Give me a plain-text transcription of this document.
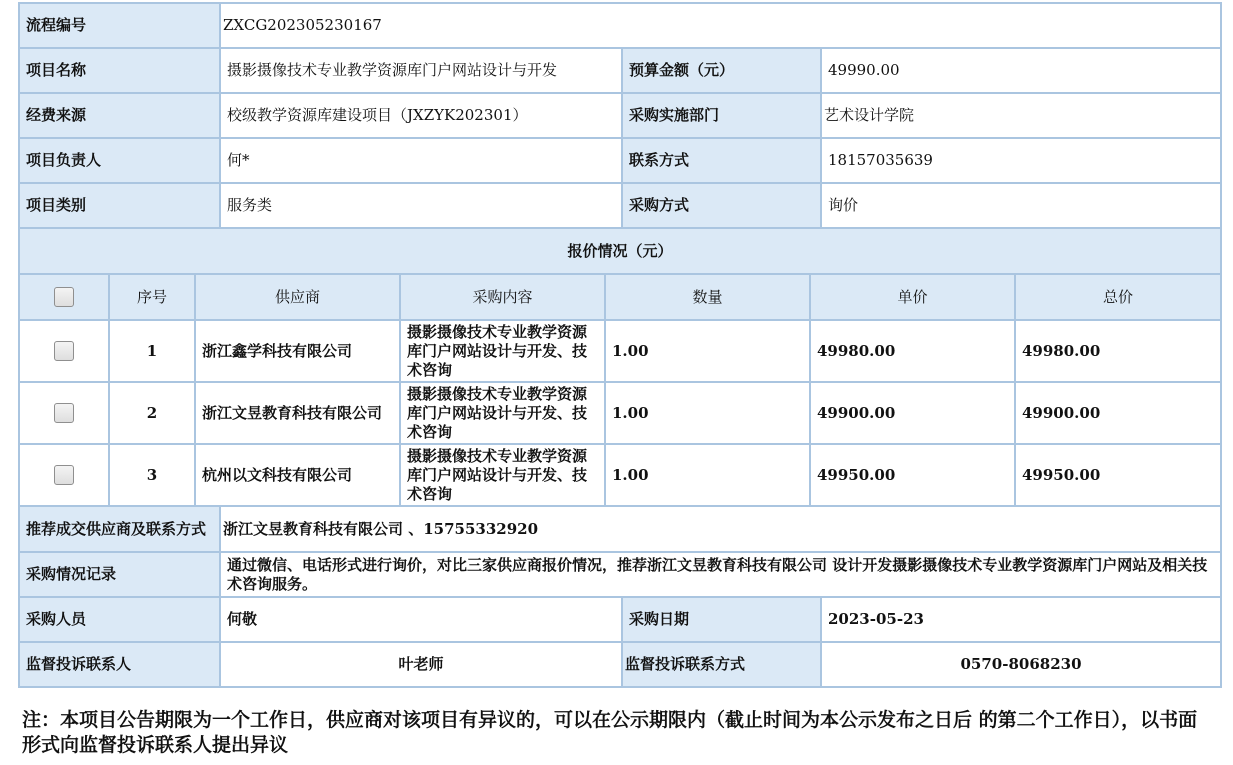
流程编号	ZXCG202305230167		
项目名称	摄影摄像技术专业教学资源库门户网站设计与开发	预算金额（元）	49990.00
经费来源	校级教学资源库建设项目（JXZYK202301）	采购实施部门	艺术设计学院
项目负责人	何*	联系方式	18157035639
项目类别	服务类	采购方式	询价
报价情况（元）			
	序号	供应商	采购内容	数量	单价	总价
	1	浙江鑫学科技有限公司	摄影摄像技术专业教学资源库门户网站设计与开发、技术咨询	1.00	49980.00	49980.00
	2	浙江文昱教育科技有限公司	摄影摄像技术专业教学资源库门户网站设计与开发、技术咨询	1.00	49900.00	49900.00
	3	杭州以文科技有限公司	摄影摄像技术专业教学资源库门户网站设计与开发、技术咨询	1.00	49950.00	49950.00
推荐成交供应商及联系方式	浙江文昱教育科技有限公司 、15755332920		
采购情况记录	通过微信、电话形式进行询价，对比三家供应商报价情况，推荐浙江文昱教育科技有限公司 设计开发摄影摄像技术专业教学资源库门户网站及相关技术咨询服务。		
采购人员	何敬	采购日期	2023-05-23
监督投诉联系人	叶老师	监督投诉联系方式	0570-8068230
注：本项目公告期限为一个工作日，供应商对该项目有异议的，可以在公示期限内（截止时间为本公示发布之日后 的第二个工作日），以书面形式向监督投诉联系人提出异议
